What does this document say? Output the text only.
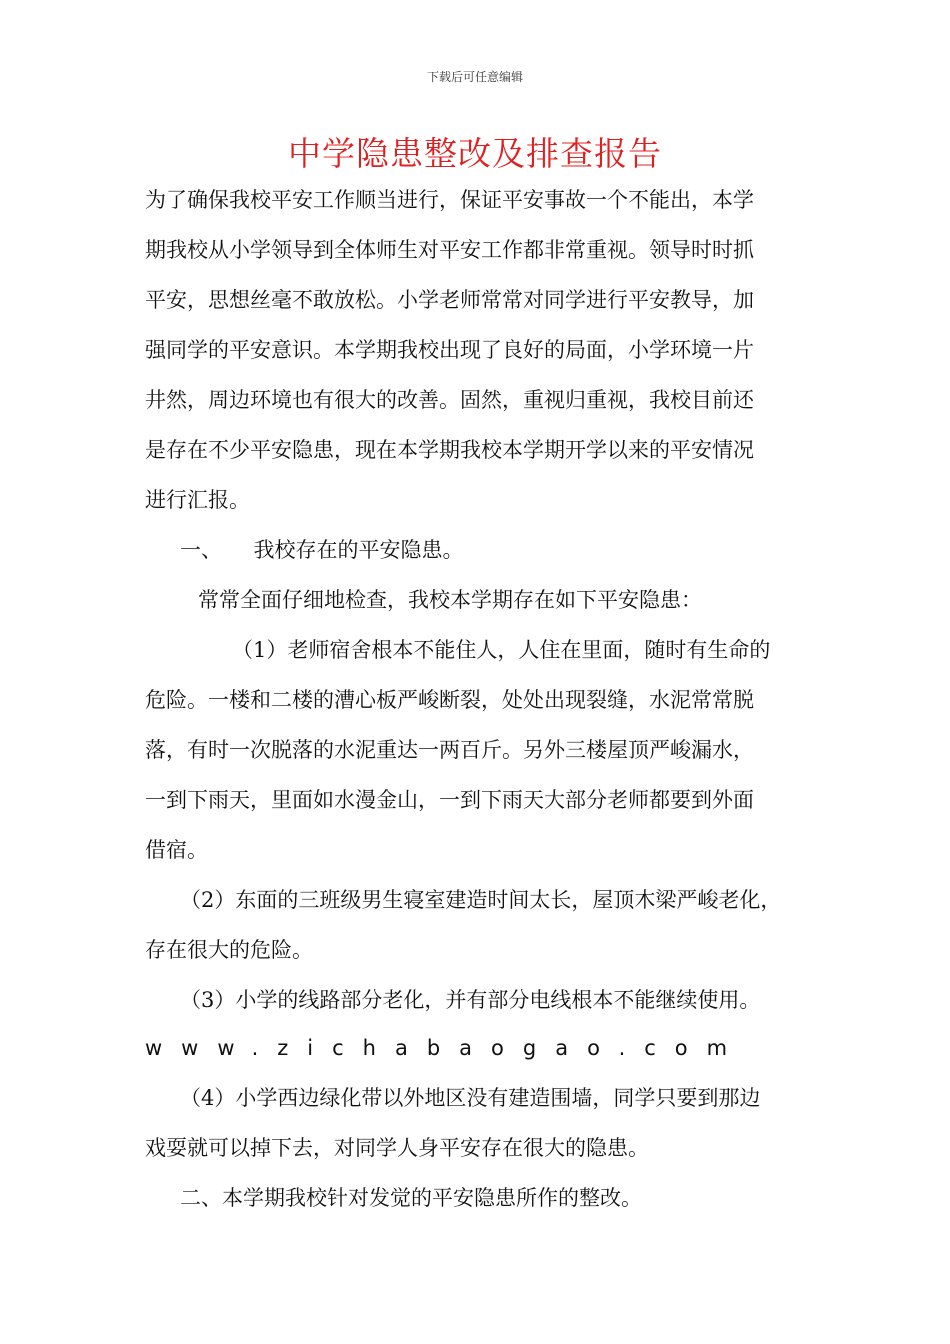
下载后可任意编辑
中学隐患整改及排查报告
为了确保我校平安工作顺当进行，保证平安事故一个不能出，本学
期我校从小学领导到全体师生对平安工作都非常重视。领导时时抓
平安，思想丝毫不敢放松。小学老师常常对同学进行平安教导，加
强同学的平安意识。本学期我校出现了良好的局面，小学环境一片
井然，周边环境也有很大的改善。固然，重视归重视，我校目前还
是存在不少平安隐患，现在本学期我校本学期开学以来的平安情况
进行汇报。
一、　　我校存在的平安隐患。
常常全面仔细地检查，我校本学期存在如下平安隐患：
（1）老师宿舍根本不能住人，人住在里面，随时有生命的
危险。一楼和二楼的漕心板严峻断裂，处处出现裂缝，水泥常常脱
落，有时一次脱落的水泥重达一两百斤。另外三楼屋顶严峻漏水，
一到下雨天，里面如水漫金山，一到下雨天大部分老师都要到外面
借宿。
（2）东面的三班级男生寝室建造时间太长，屋顶木梁严峻老化，
存在很大的危险。
（3）小学的线路部分老化，并有部分电线根本不能继续使用。
www.zichabaogao.com
（4）小学西边绿化带以外地区没有建造围墙，同学只要到那边
戏耍就可以掉下去，对同学人身平安存在很大的隐患。
二、本学期我校针对发觉的平安隐患所作的整改。
